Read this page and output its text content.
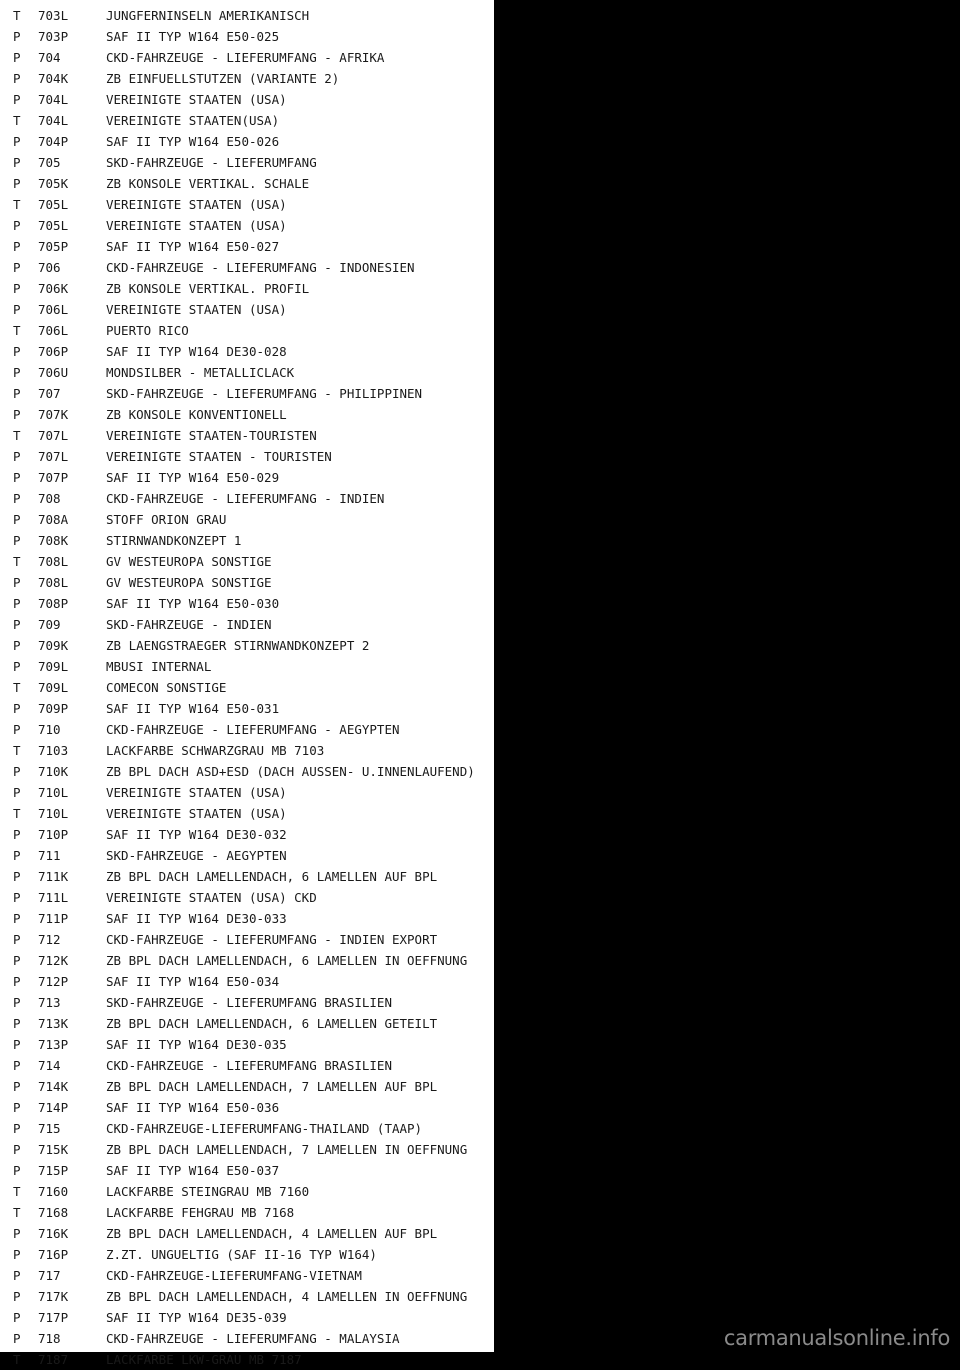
T 703L	JUNGFERNINSELN AMERIKANISCH
P 703P	SAF II TYP W164 E50-025
P 704	CKD-FAHRZEUGE - LIEFERUMFANG - AFRIKA
P 704K	ZB EINFUELLSTUTZEN (VARIANTE 2)
P 704L	VEREINIGTE STAATEN (USA)
T 704L	VEREINIGTE STAATEN(USA)
P 704P	SAF II TYP W164 E50-026
P 705	SKD-FAHRZEUGE - LIEFERUMFANG
P 705K	ZB KONSOLE VERTIKAL. SCHALE
T 705L	VEREINIGTE STAATEN (USA)
P 705L	VEREINIGTE STAATEN (USA)
P 705P	SAF II TYP W164 E50-027
P 706	CKD-FAHRZEUGE - LIEFERUMFANG - INDONESIEN
P 706K	ZB KONSOLE VERTIKAL. PROFIL
P 706L	VEREINIGTE STAATEN (USA)
T 706L	PUERTO RICO
P 706P	SAF II TYP W164 DE30-028
P 706U	MONDSILBER - METALLICLACK
P 707	SKD-FAHRZEUGE - LIEFERUMFANG - PHILIPPINEN
P 707K	ZB KONSOLE KONVENTIONELL
T 707L	VEREINIGTE STAATEN-TOURISTEN
P 707L	VEREINIGTE STAATEN - TOURISTEN
P 707P	SAF II TYP W164 E50-029
P 708	CKD-FAHRZEUGE - LIEFERUMFANG - INDIEN
P 708A	STOFF ORION GRAU
P 708K	STIRNWANDKONZEPT 1
T 708L	GV WESTEUROPA SONSTIGE
P 708L	GV WESTEUROPA SONSTIGE
P 708P	SAF II TYP W164 E50-030
P 709	SKD-FAHRZEUGE - INDIEN
P 709K	ZB LAENGSTRAEGER STIRNWANDKONZEPT 2
P 709L	MBUSI INTERNAL
T 709L	COMECON SONSTIGE
P 709P	SAF II TYP W164 E50-031
P 710	CKD-FAHRZEUGE - LIEFERUMFANG - AEGYPTEN
T 7103	LACKFARBE SCHWARZGRAU MB 7103
P 710K	ZB BPL DACH ASD+ESD (DACH AUSSEN- U.INNENLAUFEND)
P 710L	VEREINIGTE STAATEN (USA)
T 710L	VEREINIGTE STAATEN (USA)
P 710P	SAF II TYP W164 DE30-032
P 711	SKD-FAHRZEUGE - AEGYPTEN
P 711K	ZB BPL DACH LAMELLENDACH, 6 LAMELLEN AUF BPL
P 711L	VEREINIGTE STAATEN (USA) CKD
P 711P	SAF II TYP W164 DE30-033
P 712	CKD-FAHRZEUGE - LIEFERUMFANG - INDIEN EXPORT
P 712K	ZB BPL DACH LAMELLENDACH, 6 LAMELLEN IN OEFFNUNG
P 712P	SAF II TYP W164 E50-034
P 713	SKD-FAHRZEUGE - LIEFERUMFANG BRASILIEN
P 713K	ZB BPL DACH LAMELLENDACH, 6 LAMELLEN GETEILT
P 713P	SAF II TYP W164 DE30-035
P 714	CKD-FAHRZEUGE - LIEFERUMFANG BRASILIEN
P 714K	ZB BPL DACH LAMELLENDACH, 7 LAMELLEN AUF BPL
P 714P	SAF II TYP W164 E50-036
P 715	CKD-FAHRZEUGE-LIEFERUMFANG-THAILAND (TAAP)
P 715K	ZB BPL DACH LAMELLENDACH, 7 LAMELLEN IN OEFFNUNG
P 715P	SAF II TYP W164 E50-037
T 7160	LACKFARBE STEINGRAU MB 7160
T 7168	LACKFARBE FEHGRAU MB 7168
P 716K	ZB BPL DACH LAMELLENDACH, 4 LAMELLEN AUF BPL
P 716P	Z.ZT. UNGUELTIG (SAF II-16 TYP W164)
P 717	CKD-FAHRZEUGE-LIEFERUMFANG-VIETNAM
P 717K	ZB BPL DACH LAMELLENDACH, 4 LAMELLEN IN OEFFNUNG
P 717P	SAF II TYP W164 DE35-039
P 718	CKD-FAHRZEUGE - LIEFERUMFANG - MALAYSIA
T 7187	LACKFARBE LKW-GRAU MB 7187
carmanualsonline.info
